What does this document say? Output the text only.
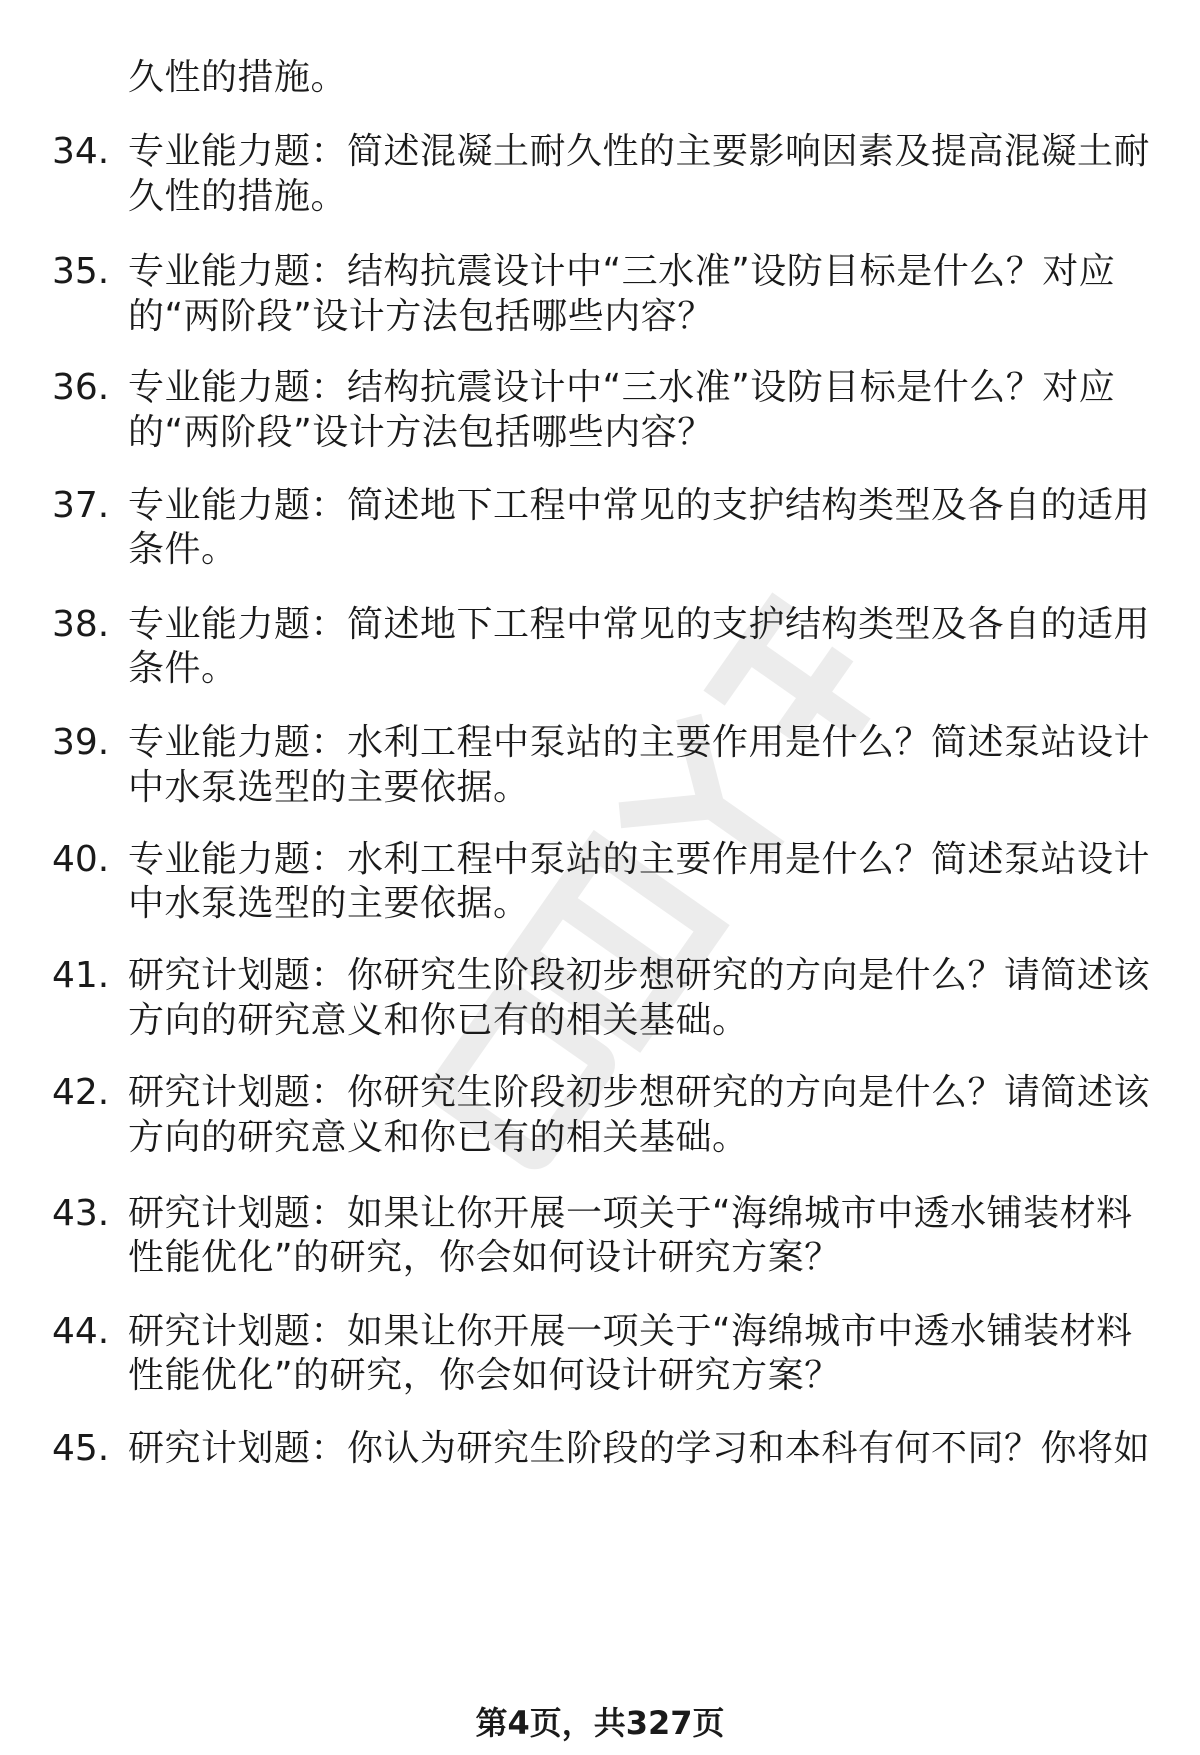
久性的措施。
34. 专业能力题：简述混凝土耐久性的主要影响因素及提高混凝土耐
久性的措施。
35. 专业能力题：结构抗震设计中“三水准”设防目标是什么？对应
的“两阶段”设计方法包括哪些内容？
36. 专业能力题：结构抗震设计中“三水准”设防目标是什么？对应
的“两阶段”设计方法包括哪些内容？
37. 专业能力题：简述地下工程中常见的支护结构类型及各自的适用
条件。
38. 专业能力题：简述地下工程中常见的支护结构类型及各自的适用
条件。
39. 专业能力题：水利工程中泵站的主要作用是什么？简述泵站设计
中水泵选型的主要依据。
40. 专业能力题：水利工程中泵站的主要作用是什么？简述泵站设计
中水泵选型的主要依据。
41. 研究计划题：你研究生阶段初步想研究的方向是什么？请简述该
方向的研究意义和你已有的相关基础。
42. 研究计划题：你研究生阶段初步想研究的方向是什么？请简述该
方向的研究意义和你已有的相关基础。
43. 研究计划题：如果让你开展一项关于“海绵城市中透水铺装材料
性能优化”的研究，你会如何设计研究方案？
44. 研究计划题：如果让你开展一项关于“海绵城市中透水铺装材料
性能优化”的研究，你会如何设计研究方案？
45. 研究计划题：你认为研究生阶段的学习和本科有何不同？你将如
第4页，共327页
